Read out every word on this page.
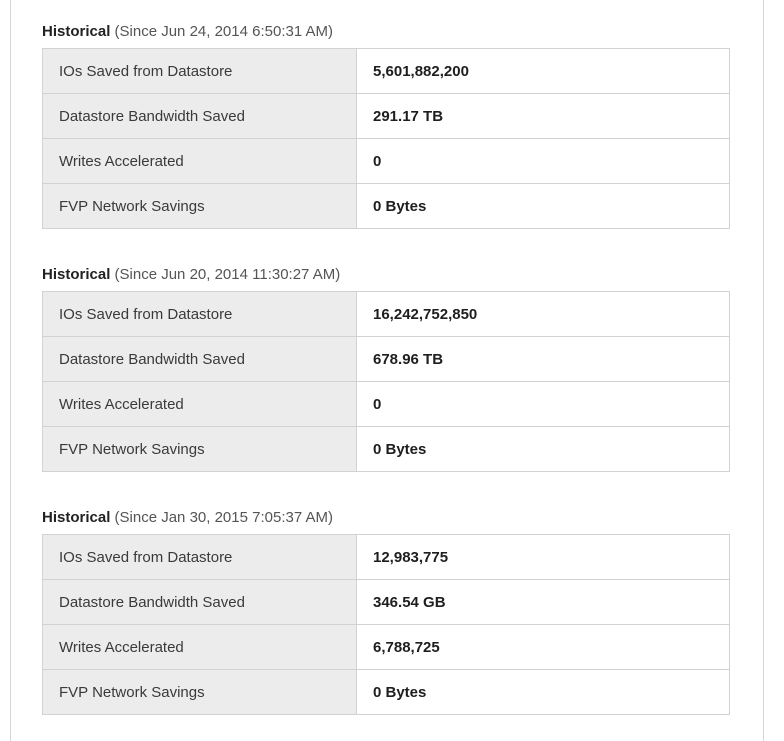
Historical (Since Jun 24, 2014 6:50:31 AM)
IOs Saved from Datastore	5,601,882,200
Datastore Bandwidth Saved	291.17 TB
Writes Accelerated	0
FVP Network Savings	0 Bytes
Historical (Since Jun 20, 2014 11:30:27 AM)
IOs Saved from Datastore	16,242,752,850
Datastore Bandwidth Saved	678.96 TB
Writes Accelerated	0
FVP Network Savings	0 Bytes
Historical (Since Jan 30, 2015 7:05:37 AM)
IOs Saved from Datastore	12,983,775
Datastore Bandwidth Saved	346.54 GB
Writes Accelerated	6,788,725
FVP Network Savings	0 Bytes
